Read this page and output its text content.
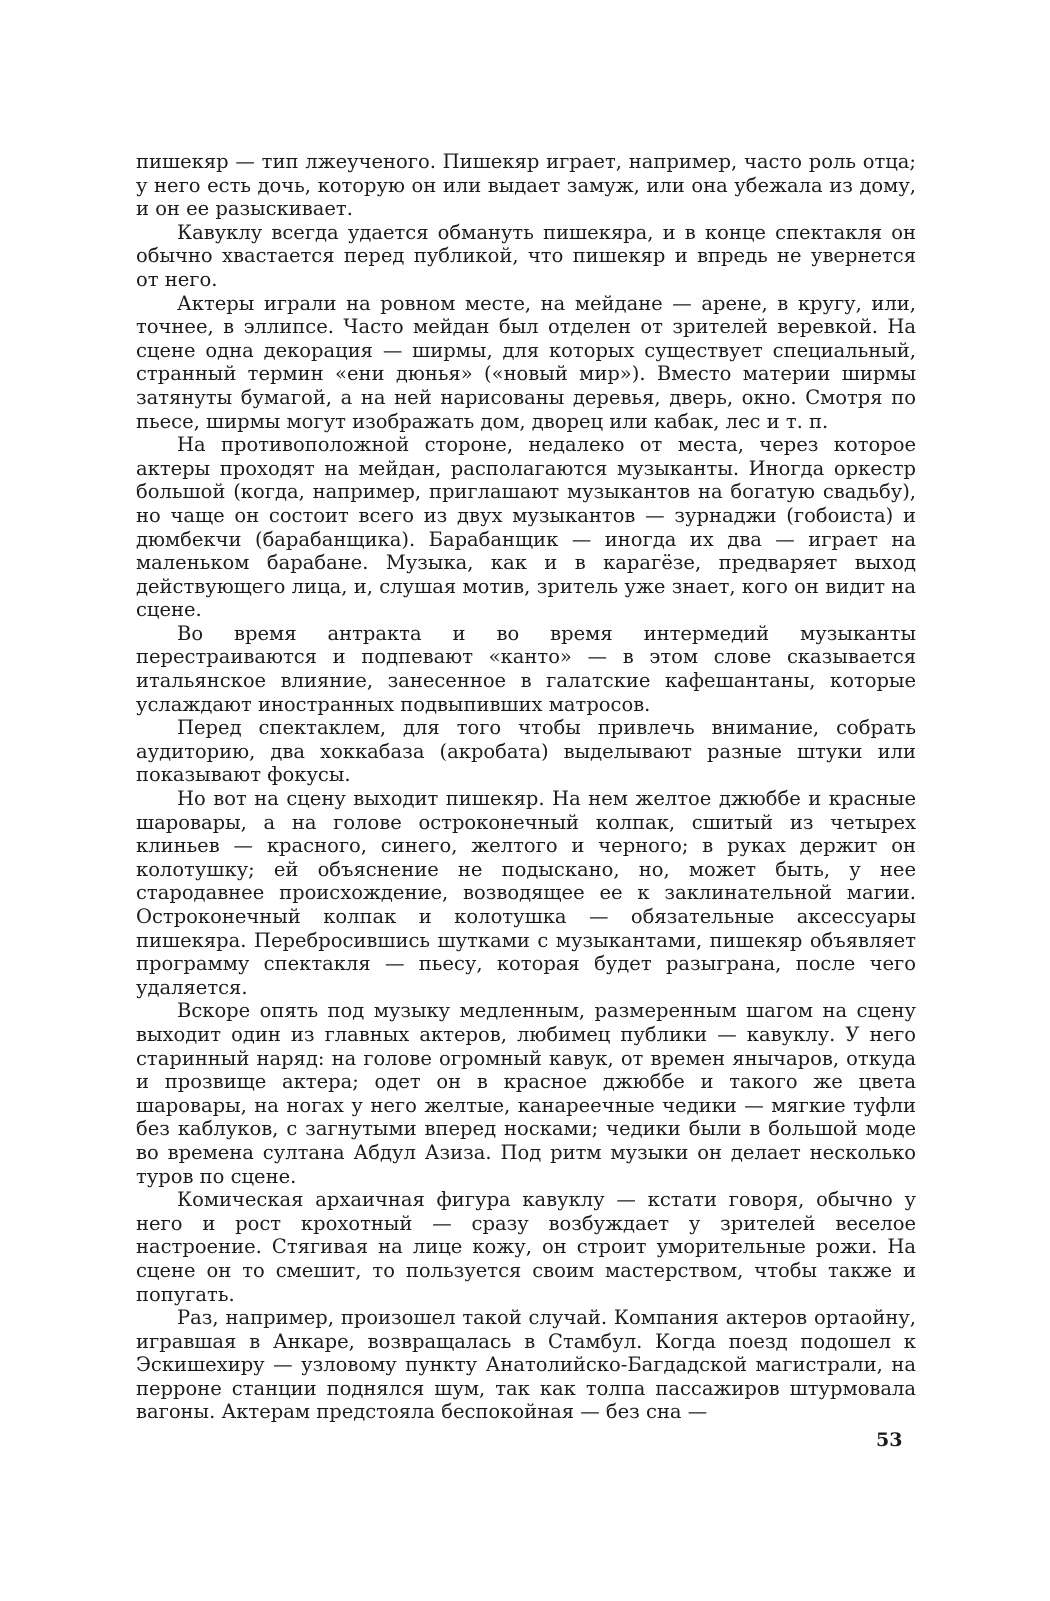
пишекяр — тип лжеученого. Пишекяр играет, например, часто роль отца; у него есть дочь, которую он или выдает замуж, или она убежала из дому, и он ее разыскивает.

Кавуклу всегда удается обмануть пишекяра, и в конце спектакля он обычно хвастается перед публикой, что пишекяр и впредь не увернется от него.

Актеры играли на ровном месте, на мейдане — арене, в кругу, или, точнее, в эллипсе. Часто мейдан был отделен от зрителей веревкой. На сцене одна декорация — ширмы, для которых существует специальный, странный термин «ени дюнья» («новый мир»). Вместо материи ширмы затянуты бумагой, а на ней нарисованы деревья, дверь, окно. Смотря по пьесе, ширмы могут изображать дом, дворец или кабак, лес и т. п.

На противоположной стороне, недалеко от места, через которое актеры проходят на мейдан, располагаются музыканты. Иногда оркестр большой (когда, например, приглашают музыкантов на богатую свадьбу), но чаще он состоит всего из двух музыкантов — зурнаджи (гобоиста) и дюмбекчи (барабанщика). Барабанщик — иногда их два — играет на маленьком барабане. Музыка, как и в карагёзе, предваряет выход действующего лица, и, слушая мотив, зритель уже знает, кого он видит на сцене.

Во время антракта и во время интермедий музыканты перестраиваются и подпевают «канто» — в этом слове сказывается итальянское влияние, занесенное в галатские кафешантаны, которые услаждают иностранных подвыпивших матросов.

Перед спектаклем, для того чтобы привлечь внимание, собрать аудиторию, два хоккабаза (акробата) выделывают разные штуки или показывают фокусы.

Но вот на сцену выходит пишекяр. На нем желтое джюббе и красные шаровары, а на голове остроконечный колпак, сшитый из четырех клиньев — красного, синего, желтого и черного; в руках держит он колотушку; ей объяснение не подыскано, но, может быть, у нее стародавнее происхождение, возводящее ее к заклинательной магии. Остроконечный колпак и колотушка — обязательные аксессуары пишекяра. Перебросившись шутками с музыкантами, пишекяр объявляет программу спектакля — пьесу, которая будет разыграна, после чего удаляется.

Вскоре опять под музыку медленным, размеренным шагом на сцену выходит один из главных актеров, любимец публики — кавуклу. У него старинный наряд: на голове огромный кавук, от времен янычаров, откуда и прозвище актера; одет он в красное джюббе и такого же цвета шаровары, на ногах у него желтые, канареечные чедики — мягкие туфли без каблуков, с загнутыми вперед носками; чедики были в большой моде во времена султана Абдул Азиза. Под ритм музыки он делает несколько туров по сцене.

Комическая архаичная фигура кавуклу — кстати говоря, обычно у него и рост крохотный — сразу возбуждает у зрителей веселое настроение. Стягивая на лице кожу, он строит уморительные рожи. На сцене он то смешит, то пользуется своим мастерством, чтобы также и попугать.

Раз, например, произошел такой случай. Компания актеров ортаойну, игравшая в Анкаре, возвращалась в Стамбул. Когда поезд подошел к Эскишехиру — узловому пункту Анатолийско-Багдадской магистрали, на перроне станции поднялся шум, так как толпа пассажиров штурмовала вагоны. Актерам предстояла беспокойная — без сна —

53
